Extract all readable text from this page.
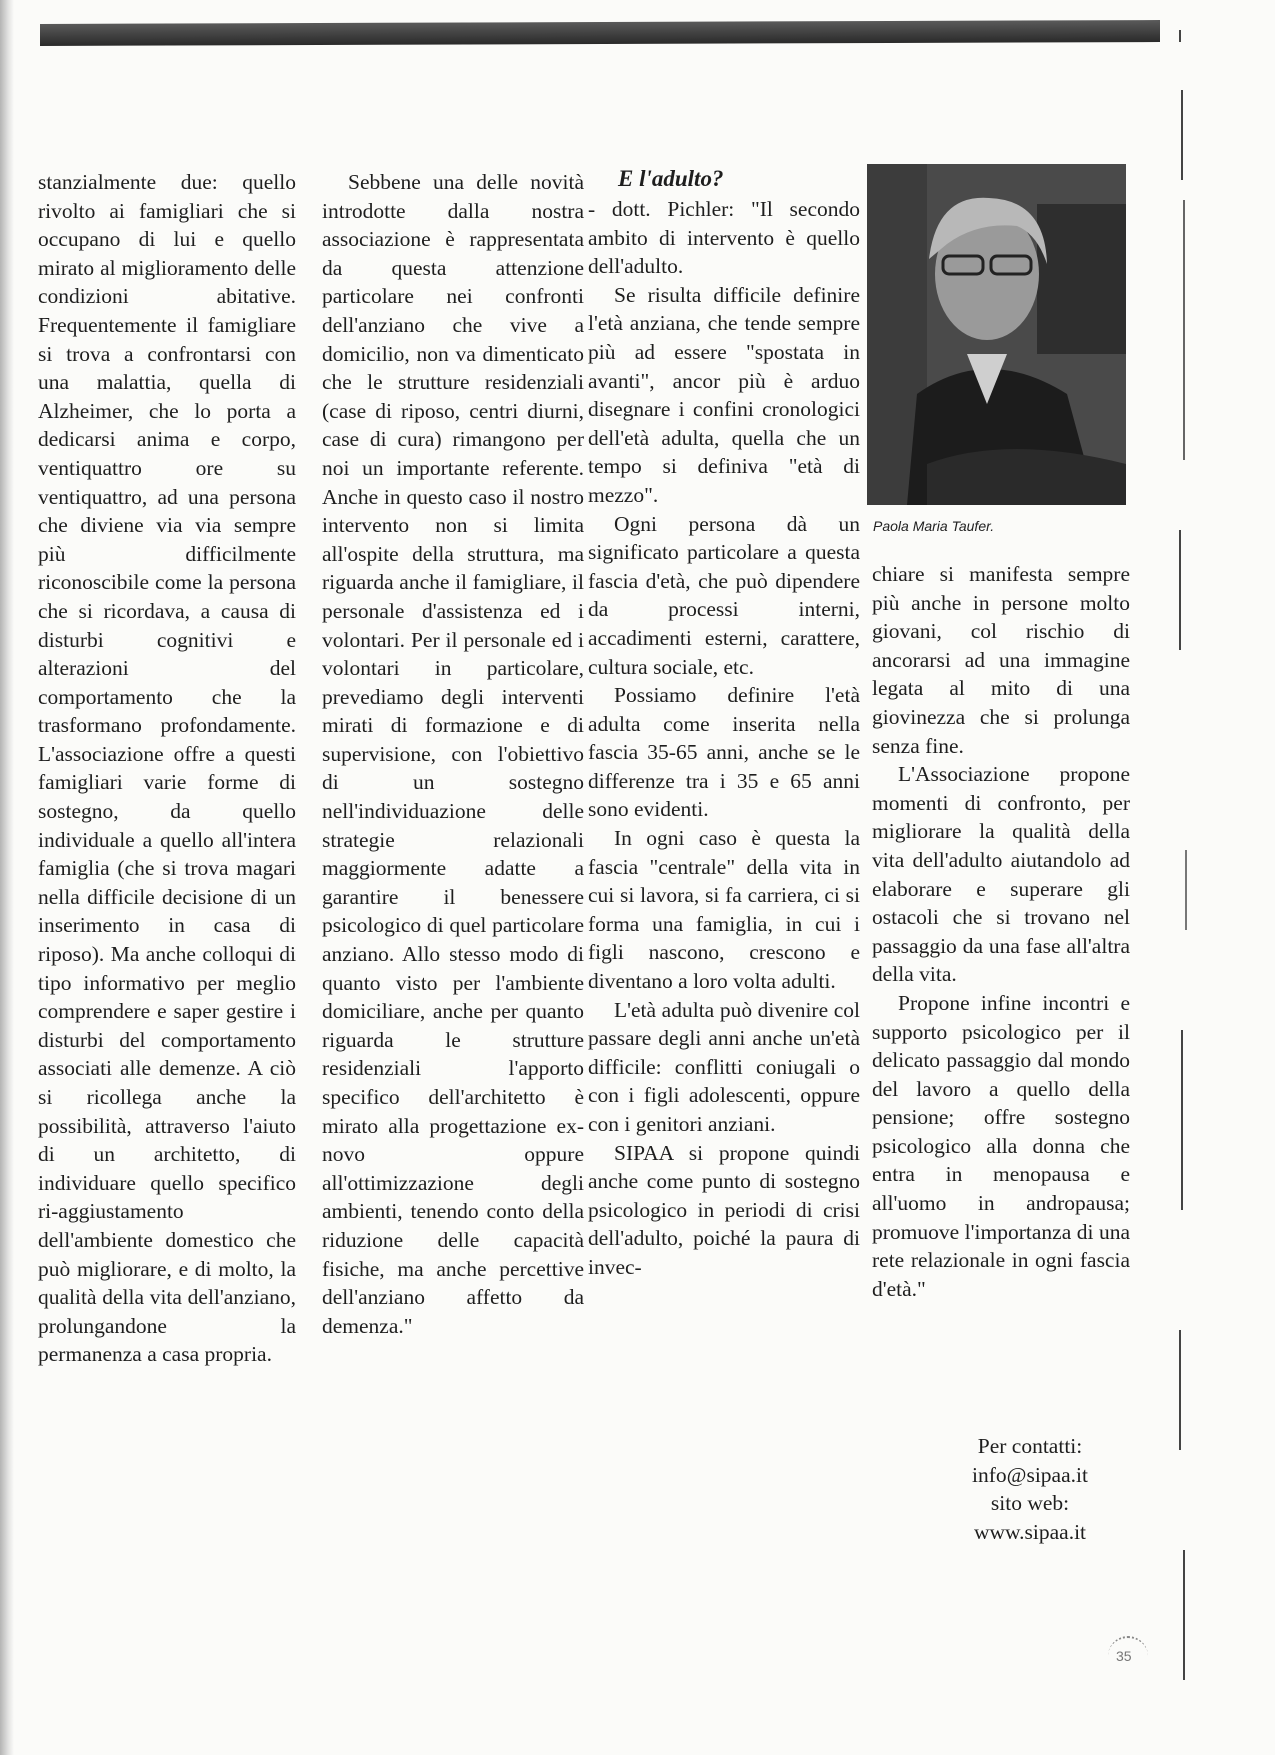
stanzialmente due: quello rivolto ai famigliari che si occupano di lui e quello mirato al miglioramento delle condizioni abitative. Frequentemente il famigliare si trova a confrontarsi con una malattia, quella di Alzheimer, che lo porta a dedicarsi anima e corpo, ventiquattro ore su ventiquattro, ad una persona che diviene via via sempre più difficilmente riconoscibile come la persona che si ricordava, a causa di disturbi cognitivi e alterazioni del comportamento che la trasformano profondamente. L'associazione offre a questi famigliari varie forme di sostegno, da quello individuale a quello all'intera famiglia (che si trova magari nella difficile decisione di un inserimento in casa di riposo). Ma anche colloqui di tipo informativo per meglio comprendere e saper gestire i disturbi del comportamento associati alle demenze. A ciò si ricollega anche la possibilità, attraverso l'aiuto di un architetto, di individuare quello specifico ri-aggiustamento dell'ambiente domestico che può migliorare, e di molto, la qualità della vita dell'anziano, prolungandone la permanenza a casa propria.

Sebbene una delle novità introdotte dalla nostra associazione è rappresentata da questa attenzione particolare nei confronti dell'anziano che vive a domicilio, non va dimenticato che le strutture residenziali (case di riposo, centri diurni, case di cura) rimangono per noi un importante referente. Anche in questo caso il nostro intervento non si limita all'ospite della struttura, ma riguarda anche il famigliare, il personale d'assistenza ed i volontari. Per il personale ed i volontari in particolare, prevediamo degli interventi mirati di formazione e di supervisione, con l'obiettivo di un sostegno nell'individuazione delle strategie relazionali maggiormente adatte a garantire il benessere psicologico di quel particolare anziano. Allo stesso modo di quanto visto per l'ambiente domiciliare, anche per quanto riguarda le strutture residenziali l'apporto specifico dell'architetto è mirato alla progettazione ex-novo oppure all'ottimizzazione degli ambienti, tenendo conto della riduzione delle capacità fisiche, ma anche percettive dell'anziano affetto da demenza."

E l'adulto?

- dott. Pichler: "Il secondo ambito di intervento è quello dell'adulto.

Se risulta difficile definire l'età anziana, che tende sempre più ad essere "spostata in avanti", ancor più è arduo disegnare i confini cronologici dell'età adulta, quella che un tempo si definiva "età di mezzo".

Ogni persona dà un significato particolare a questa fascia d'età, che può dipendere da processi interni, accadimenti esterni, carattere, cultura sociale, etc.

Possiamo definire l'età adulta come inserita nella fascia 35-65 anni, anche se le differenze tra i 35 e 65 anni sono evidenti.

In ogni caso è questa la fascia "centrale" della vita in cui si lavora, si fa carriera, ci si forma una famiglia, in cui i figli nascono, crescono e diventano a loro volta adulti.

L'età adulta può divenire col passare degli anni anche un'età difficile: conflitti coniugali o con i figli adolescenti, oppure con i genitori anziani.

SIPAA si propone quindi anche come punto di sostegno psicologico in periodi di crisi dell'adulto, poiché la paura di invec-

Paola Maria Taufer.

chiare si manifesta sempre più anche in persone molto giovani, col rischio di ancorarsi ad una immagine legata al mito di una giovinezza che si prolunga senza fine.

L'Associazione propone momenti di confronto, per migliorare la qualità della vita dell'adulto aiutandolo ad elaborare e superare gli ostacoli che si trovano nel passaggio da una fase all'altra della vita.

Propone infine incontri e supporto psicologico per il delicato passaggio dal mondo del lavoro a quello della pensione; offre sostegno psicologico alla donna che entra in menopausa e all'uomo in andropausa; promuove l'importanza di una rete relazionale in ogni fascia d'età."

Per contatti:
info@sipaa.it
sito web:
www.sipaa.it
35
